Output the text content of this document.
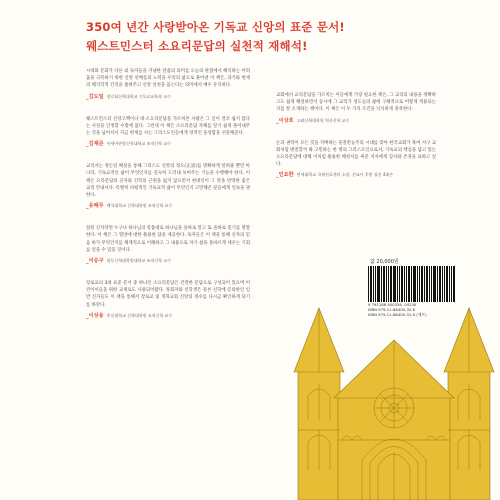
350여 년간 사랑받아온 기독교 신앙의 표준 문서!
웨스트민스터 소요리문답의 실천적 재해석!

시대와 문화가 다른 외 독자들을 겨냥한 말씀의 의미를 오늘의 관점에서 해석하는 어려움을 극복하기 위한 신앙 선배들의 노력을 우리의 삶으로 풀어낸 이 책은, 과거와 현재의 해석학적 간격을 좁혀주고 신앙 실천을 돕는다는 의미에서 매우 유익하다.

_김도일 장로회신학대학교 기독교교육학 교수

웨스트민스터 신앙고백이나 대·소요리문답을 가르쳐본 사람은 그 일이 결코 쉽지 않다는 사실을 인정할 수밖에 없다. 그런데 이 책은 소요리문답 자체를 알기 쉽게 풀어내주는 것을 넘어서서 지금 현재를 사는 그리스도인들에게 영적인 풍성함을 선물해준다.

_김재준 아세아연합신학대학교 조직신학 교수

교리서는 정돈된 해설을 통해 그리스도 신앙의 정오(正誤)를 명확하게 알려줄 뿐만 아니라, 기독교적인 삶이 무엇인지를 깊숙히 드러내 보여주는 기능을 수행해야 한다. 이 책은 요리문답의 골자와 신학의 근원을 잃지 않으면서 현대인이 그 맛을 반영한 좋은 교리 안내서다. 특별히 비평적인 기독교적 삶이 무엇인지 고민해온 분들에게 일독을 권한다.

_유해무 백석대학교 신학대학원 조직신학 교수

참된 신자라면 누구나 하나님의 말씀대로 하나님을 올바로 알고 또 올바로 믿기를 열망한다. 이 책은 그 열망에 대한 훌륭한 답을 제공한다. 독자들은 이 책을 통해 신자의 믿음 바가 무엇인지를 체계적으로 이해하고 그 내용으로 자기 삶을 올바르게 세우는 기회를 얻을 수 있을 것이다.

_이승구 합동신학대학원대학교 조직신학 교수

장로교의 3대 표준 문서 중 하나인 소요리문답은 간결한 문답으로 구성되어 있으며 어린이이들을 위한 교재로도 사용되어왔다. 목회자와 신학생은 물론 신학에 문외한인 일반 신자들도 이 책을 통해서 장로교 및 개혁교회 신앙의 정수를 다시금 확인하게 되기를 바란다.

_이상웅 총신대학교 신학대학원 조직신학 교수

교회에서 교리문답을 가르치는 이들에게 가장 필요한 책은, 그 교리의 내용을 정확하고도 쉽게 해설하면서 동시에 그 교리가 성도들의 삶에 구체적으로 어떻게 적용되는지를 잘 소개하는 책이다. 이 책은 이 두 가지 조건을 넉넉하게 충족한다.

_이상호 고려신학대학원 역사신학 교수

돈과 권력이 모든 것을 지배하는 물질만능주의 시대를 맞아 한국교회가 혹여 서구 교회처럼 변질할까 봐 고민하는 한 명의 그리스도인으로서, 기독교의 핵심을 담고 있는 소요리문답에 대해 이처럼 훌륭한 해설서를 써준 저자에게 감사와 존경을 표하고 싶다.

_인요한 연세대학교 국제진료센터 소장, 선교사 후원 필진 4대손
값 20,000원
9 791188 400326 04230
ISBN 979-11-88400-32-6
ISBN 979-11-88400-31-9 (세트)
